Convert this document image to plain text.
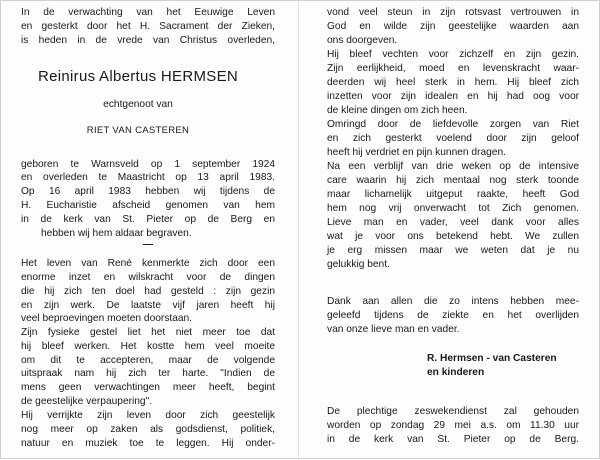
In de verwachting van het Eeuwige Leven
en gesterkt door het H. Sacrament der Zieken,
is heden in de vrede van Christus overleden,
Reinirus Albertus HERMSEN
echtgenoot van
RIET VAN CASTEREN
geboren te Warnsveld op 1 september 1924
en overleden te Maastricht op 13 april 1983.
Op 16 april 1983 hebben wij tijdens de
H. Eucharistie afscheid genomen van hem
in de kerk van St. Pieter op de Berg en
hebben wij hem aldaar begraven.
—
Het leven van René kenmerkte zich door een
enorme inzet en wilskracht voor de dingen
die hij zich ten doel had gesteld : zijn gezin
en zijn werk. De laatste vijf jaren heeft hij
veel beproevingen moeten doorstaan.
Zijn fysieke gestel liet het niet meer toe dat
hij bleef werken. Het kostte hem veel moeite
om dit te accepteren, maar de volgende
uitspraak nam hij zich ter harte. "Indien de
mens geen verwachtingen meer heeft, begint
de geestelijke verpaupering".
Hij verrijkte zijn leven door zich geestelijk
nog meer op zaken als godsdienst, politiek,
natuur en muziek toe te leggen. Hij onder-
vond veel steun in zijn rotsvast vertrouwen in
God en wilde zijn geestelijke waarden aan
ons doorgeven.
Hij bleef vechten voor zichzelf en zijn gezin.
Zijn eerlijkheid, moed en levenskracht waar-
deerden wij heel sterk in hem. Hij bleef zich
inzetten voor zijn idealen en hij had oog voor
de kleine dingen om zich heen.
Omringd door de liefdevolle zorgen van Riet
en zich gesterkt voelend door zijn geloof
heeft hij verdriet en pijn kunnen dragen.
Na een verblijf van drie weken op de intensive
care waarin hij zich mentaal nog sterk toonde
maar lichamelijk uitgeput raakte, heeft God
hem nog vrij onverwacht tot Zich genomen.
Lieve man en vader, veel dank voor alles
wat je voor ons betekend hebt. We zullen
je erg missen maar we weten dat je nu
gelukkig bent.
Dank aan allen die zo intens hebben mee-
geleefd tijdens de ziekte en het overlijden
van onze lieve man en vader.
R. Hermsen - van Casteren
en kinderen
De plechtige zeswekendienst zal gehouden
worden op zondag 29 mei a.s. om 11.30 uur
in de kerk van St. Pieter op de Berg.
